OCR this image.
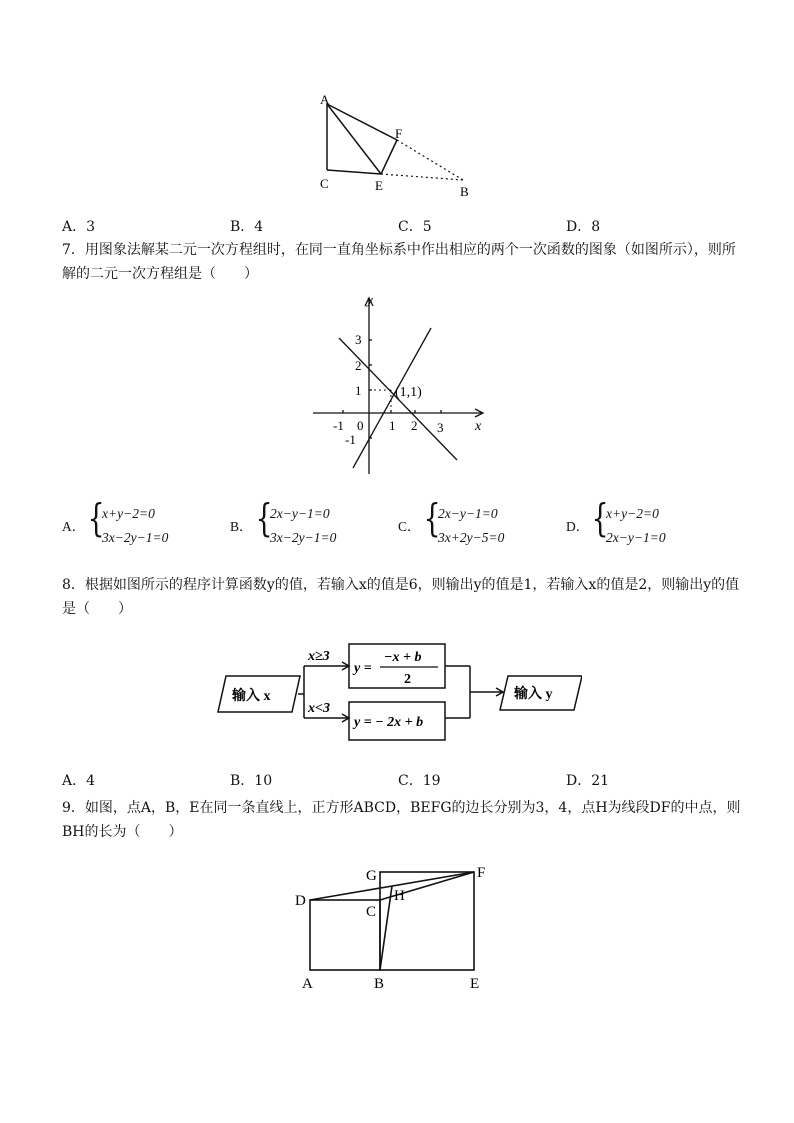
A
F
C	E	B
A．3	B．4	C．5	D．8
7．用图象法解某二元一次方程组时，在同一直角坐标系中作出相应的两个一次函数的图象（如图所示），则所解的二元一次方程组是（　　）
y
x
3
2
1
-1
-1 0 1 2 3
(1,1)
A． {
x+y−2=0
3x−2y−1=0
B． {
2x−y−1=0
3x−2y−1=0
C． {
2x−y−1=0
3x+2y−5=0
D． {
x+y−2=0
2x−y−1=0
8．根据如图所示的程序计算函数y的值，若输入x的值是6，则输出y的值是1，若输入x的值是2，则输出y的值是（　　）
输入 x
x≥3
x<3
y =
−x + b
2
y = − 2x + b
输入 y
A．4	B．10	C．19	D．21
9．如图，点A，B，E在同一条直线上，正方形ABCD，BEFG的边长分别为3，4，点H为线段DF的中点，则BH的长为（　　）
G	F
D	H
C
A	B	E
